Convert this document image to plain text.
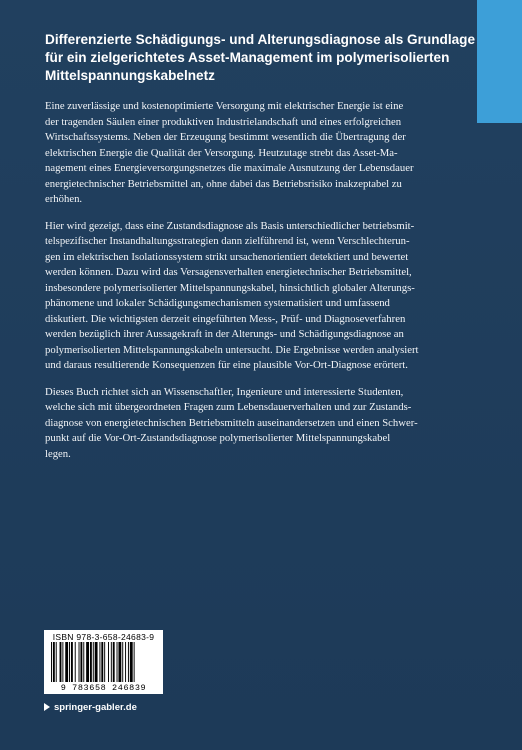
Differenzierte Schädigungs- und Alterungsdiagnose als Grundlage
für ein zielgerichtetes Asset-Management im polymerisolierten
Mittelspannungskabelnetz

Eine zuverlässige und kostenoptimierte Versorgung mit elektrischer Energie ist eine
der tragenden Säulen einer produktiven Industrielandschaft und eines erfolgreichen
Wirtschaftssystems. Neben der Erzeugung bestimmt wesentlich die Übertragung der
elektrischen Energie die Qualität der Versorgung. Heutzutage strebt das Asset-Ma-
nagement eines Energieversorgungsnetzes die maximale Ausnutzung der Lebensdauer
energietechnischer Betriebsmittel an, ohne dabei das Betriebsrisiko inakzeptabel zu
erhöhen.

Hier wird gezeigt, dass eine Zustandsdiagnose als Basis unterschiedlicher betriebsmit-
telspezifischer Instandhaltungsstrategien dann zielführend ist, wenn Verschlechterun-
gen im elektrischen Isolationssystem strikt ursachenorientiert detektiert und bewertet
werden können. Dazu wird das Versagensverhalten energietechnischer Betriebsmittel,
insbesondere polymerisolierter Mittelspannungskabel, hinsichtlich globaler Alterungs-
phänomene und lokaler Schädigungsmechanismen systematisiert und umfassend
diskutiert. Die wichtigsten derzeit eingeführten Mess-, Prüf- und Diagnoseverfahren
werden bezüglich ihrer Aussagekraft in der Alterungs- und Schädigungsdiagnose an
polymerisolierten Mittelspannungskabeln untersucht. Die Ergebnisse werden analysiert
und daraus resultierende Konsequenzen für eine plausible Vor-Ort-Diagnose erörtert.

Dieses Buch richtet sich an Wissenschaftler, Ingenieure und interessierte Studenten,
welche sich mit übergeordneten Fragen zum Lebensdauerverhalten und zur Zustands-
diagnose von energietechnischen Betriebsmitteln auseinandersetzen und einen Schwer-
punkt auf die Vor-Ort-Zustandsdiagnose polymerisolierter Mittelspannungskabel
legen.

ISBN 978-3-658-24683-9
9 783658 246839
springer-gabler.de
